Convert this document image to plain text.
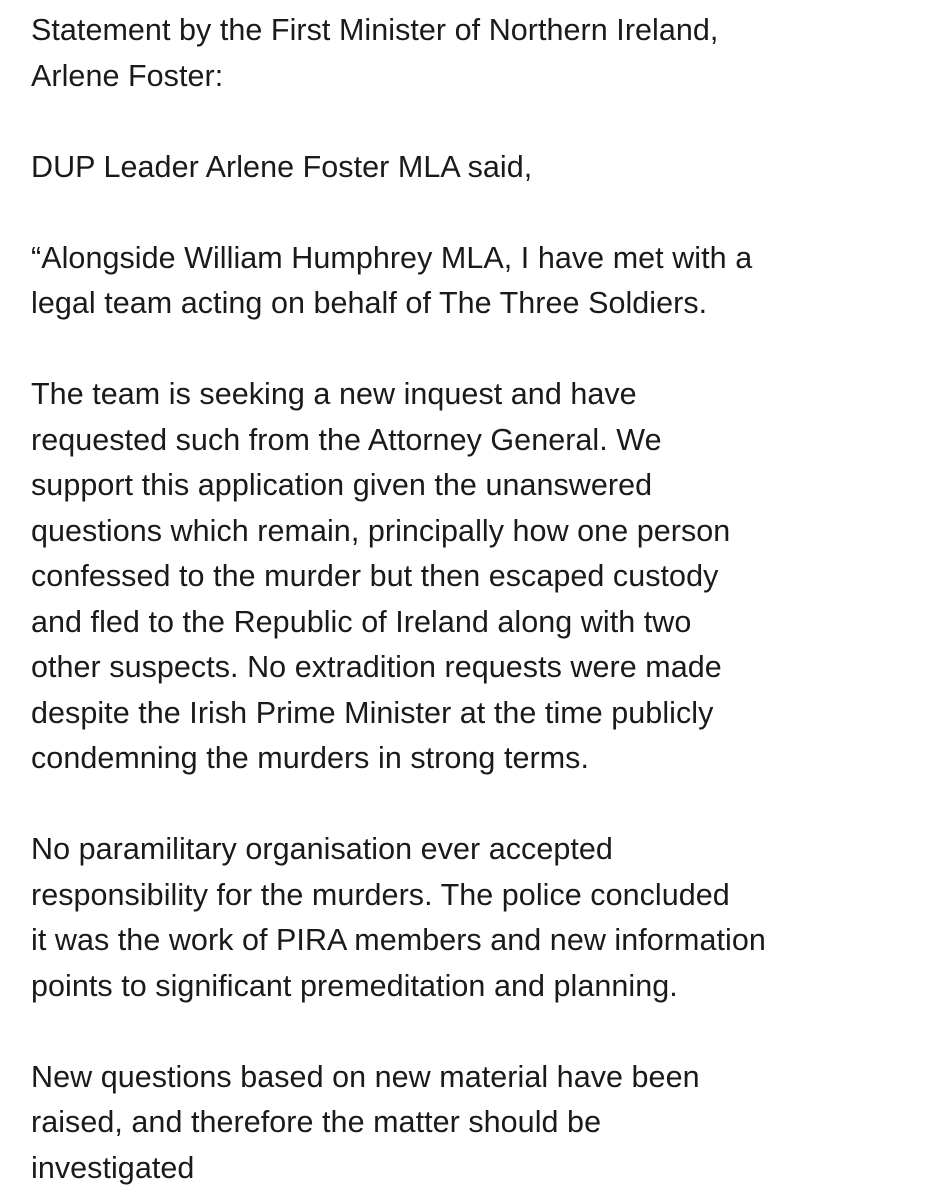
Statement by the First Minister of Northern Ireland,
Arlene Foster:

DUP Leader Arlene Foster MLA said,

“Alongside William Humphrey MLA, I have met with a
legal team acting on behalf of The Three Soldiers.

The team is seeking a new inquest and have
requested such from the Attorney General. We
support this application given the unanswered
questions which remain, principally how one person
confessed to the murder but then escaped custody
and fled to the Republic of Ireland along with two
other suspects. No extradition requests were made
despite the Irish Prime Minister at the time publicly
condemning the murders in strong terms.

No paramilitary organisation ever accepted
responsibility for the murders. The police concluded
it was the work of PIRA members and new information
points to significant premeditation and planning.

New questions based on new material have been
raised, and therefore the matter should be
investigated
